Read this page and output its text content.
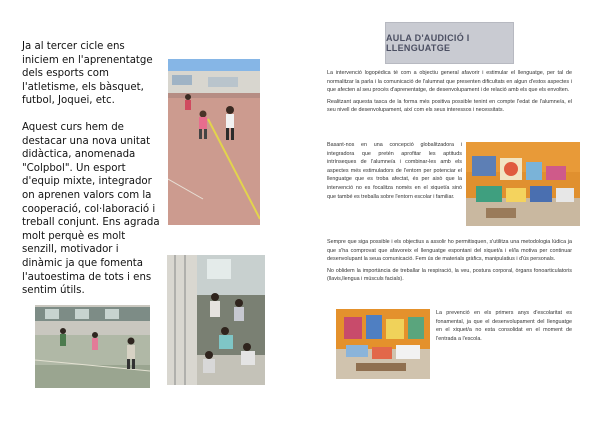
Ja al tercer cicle ens iniciem en l'aprenentatge dels esports com l'atletisme, els bàsquet, futbol, Joquei, etc.

Aquest curs hem de destacar una nova unitat didàctica, anomenada "Colpbol". Un esport d'equip mixte, integrador on aprenen valors com la cooperació, col·laboració i treball conjunt. Ens agrada molt perquè es molt senzill, motivador i dinàmic ja que fomenta l'autoestima de tots i ens sentim útils.

AULA D'AUDICIÓ I LLENGUATGE

La intervenció logopèdica té com a objectiu general afavorir i estimular el llenguatge, per tal de normalitzar la parla i la comunicació de l'alumnat que presenten dificultats en algun d'estos aspectes i que afecten al seu procés d'aprenentatge, de desenvolupament i de relació amb els que els envolten.

Realitzant aquesta tasca de la forma més positiva possible tenint en compte l'edat de l'alumne/a, el seu nivell de desenvolupament, així com els seus interessos i necessitats.

Basant-nos en una concepció globalitzadora i integradora que pretén aprofitar les aptituds intrínseques de l'alumne/a i combinar-les amb els aspectes més estimuladors de l'entorn per potenciar el llenguatge que es troba afectat, és per això que la intervenció no es focalitza només en el xiquet/a sinó que també es treballa sobre l'entorn escolar i familiar.

Sempre que siga possible i els objectius a assolir ho permitisquen, s'utilitza una metodologia lúdica ja que s'ha comprovat que afavoreix el llenguatge espontani del xiquet/a i el/la motiva per continuar desenvolupant la seua comunicació. Fem ús de materials gràfics, manipulatius i d'ús personals.

No oblidem la importància de treballar la respiració, la veu, postura corporal, òrgans fonoarticulatoris (llavis,llengua i músculs facials).

La prevenció en els primers anys d'escolaritat es fonamental, ja que el desenvolupament del llenguatge en el xiquet/a no esta consolidat en el moment de l'entrada a l'escola.
